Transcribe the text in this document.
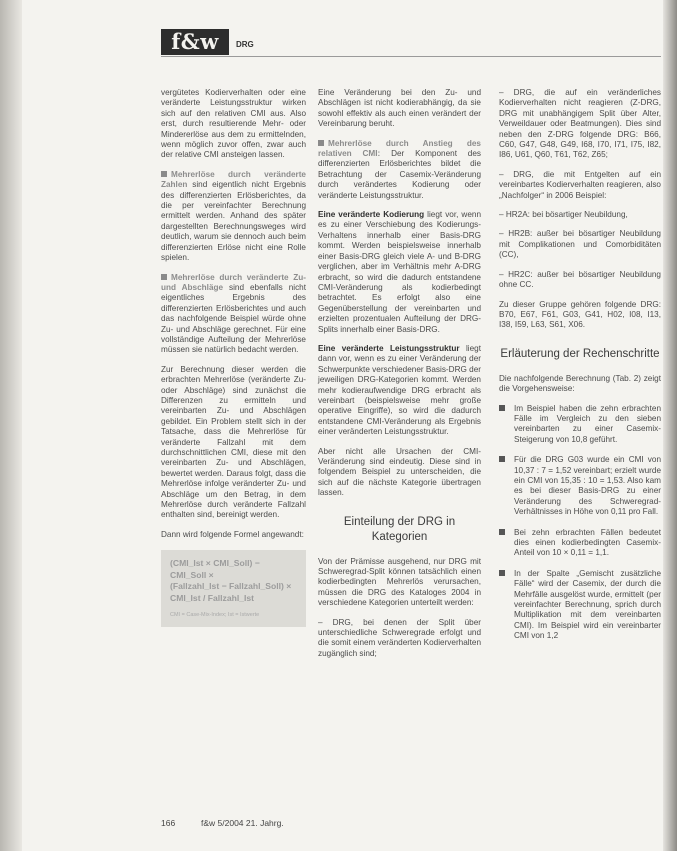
f&w	DRG

vergütetes Kodierverhalten oder eine veränderte Leistungsstruktur wirken sich auf den relativen CMI aus. Also erst, durch resultierende Mehr- oder Mindererlöse aus dem zu ermittelnden, wenn möglich zuvor offen, zwar auch der relative CMI ansteigen lassen.

Mehrerlöse durch veränderte Zahlen sind eigentlich nicht Ergebnis des differenzierten Erlösberichtes, da die per vereinfachter Berechnung ermittelt werden. Anhand des später dargestellten Berechnungsweges wird deutlich, warum sie dennoch auch beim differenzierten Erlöse nicht eine Rolle spielen.

Mehrerlöse durch veränderte Zu- und Abschläge sind ebenfalls nicht eigentliches Ergebnis des differenzierten Erlösberichtes und auch das nachfolgende Beispiel würde ohne Zu- und Abschläge gerechnet. Für eine vollständige Aufteilung der Mehrerlöse müssen sie natürlich bedacht werden.

Zur Berechnung dieser werden die erbrachten Mehrerlöse (veränderte Zu- oder Abschläge) sind zunächst die Differenzen zu ermitteln und vereinbarten Zu- und Abschlägen gebildet. Ein Problem stellt sich in der Tatsache, dass die Mehrerlöse für veränderte Fallzahl mit dem durchschnittlichen CMI, diese mit den vereinbarten Zu- und Abschlägen, bewertet werden. Daraus folgt, dass die Mehrerlöse infolge veränderter Zu- und Abschläge um den Betrag, in dem Mehrerlöse durch veränderte Fallzahl enthalten sind, bereinigt werden.

Dann wird folgende Formel angewandt:

(CMI_Ist × CMI_Soll) − CMI_Soll ×
(Fallzahl_Ist − Fallzahl_Soll) ×
CMI_Ist / Fallzahl_Ist
CMI = Case-Mix-Index; Ist = Istwerte

Eine Veränderung bei den Zu- und Abschlägen ist nicht kodierabhängig, da sie sowohl effektiv als auch einen verändert der Vereinbarung beruht.

Mehrerlöse durch Anstieg des relativen CMI: Der Komponent des differenzierten Erlösberichtes bildet die Betrachtung der Casemix-Veränderung durch verändertes Kodierung oder veränderte Leistungsstruktur.

Eine veränderte Kodierung liegt vor, wenn es zu einer Verschiebung des Kodierungs-Verhaltens innerhalb einer Basis-DRG kommt. Werden beispielsweise innerhalb einer Basis-DRG gleich viele A- und B-DRG verglichen, aber im Verhältnis mehr A-DRG erbracht, so wird die dadurch entstandene CMI-Veränderung als kodierbedingt betrachtet. Es erfolgt also eine Gegenüberstellung der vereinbarten und erzielten prozentualen Aufteilung der DRG-Splits innerhalb einer Basis-DRG.

Eine veränderte Leistungsstruktur liegt dann vor, wenn es zu einer Veränderung der Schwerpunkte verschiedener Basis-DRG der jeweiligen DRG-Kategorien kommt. Werden mehr kodieraufwendige DRG erbracht als vereinbart (beispielsweise mehr große operative Eingriffe), so wird die dadurch entstandene CMI-Veränderung als Ergebnis einer veränderten Leistungsstruktur.

Aber nicht alle Ursachen der CMI-Veränderung sind eindeutig. Diese sind in folgendem Beispiel zu unterscheiden, die sich auf die nächste Kategorie übertragen lassen.

Einteilung der DRG in Kategorien

Von der Prämisse ausgehend, nur DRG mit Schweregrad-Split können tatsächlich einen kodierbedingten Mehrerlös verursachen, müssen die DRG des Kataloges 2004 in verschiedene Kategorien unterteilt werden:

– DRG, bei denen der Split über unterschiedliche Schweregrade erfolgt und die somit einem veränderten Kodierverhalten zugänglich sind;

– DRG, die auf ein veränderliches Kodierverhalten nicht reagieren (Z-DRG, DRG mit unabhängigem Split über Alter, Verweildauer oder Beatmungen). Dies sind neben den Z-DRG folgende DRG: B66, C60, G47, G48, G49, I68, I70, I71, I75, I82, I86, U61, Q60, T61, T62, Z65;

– DRG, die mit Entgelten auf ein vereinbartes Kodierverhalten reagieren, also „Nachfolger“ in 2006 Beispiel:

– HR2A: bei bösartiger Neubildung,

– HR2B: außer bei bösartiger Neubildung mit Complikationen und Comorbiditäten (CC),

– HR2C: außer bei bösartiger Neubildung ohne CC.

Zu dieser Gruppe gehören folgende DRG: B70, E67, F61, G03, G41, H02, I08, I13, I38, I59, L63, S61, X06.

Erläuterung der Rechenschritte

Die nachfolgende Berechnung (Tab. 2) zeigt die Vorgehensweise:

Im Beispiel haben die zehn erbrachten Fälle im Vergleich zu den sieben vereinbarten zu einer Casemix-Steigerung von 10,8 geführt.
Für die DRG G03 wurde ein CMI von 10,37 : 7 = 1,52 vereinbart; erzielt wurde ein CMI von 15,35 : 10 = 1,53. Also kam es bei dieser Basis-DRG zu einer Veränderung des Schweregrad-Verhältnisses in Höhe von 0,11 pro Fall.
Bei zehn erbrachten Fällen bedeutet dies einen kodierbedingten Casemix-Anteil von 10 × 0,11 = 1,1.
In der Spalte „Gemischt zusätzliche Fälle“ wird der Casemix, der durch die Mehrfälle ausgelöst wurde, ermittelt (per vereinfachter Berechnung, sprich durch Multiplikation mit dem vereinbarten CMI). Im Beispiel wird ein vereinbarter CMI von 1,2
166	f&w 5/2004 21. Jahrg.
